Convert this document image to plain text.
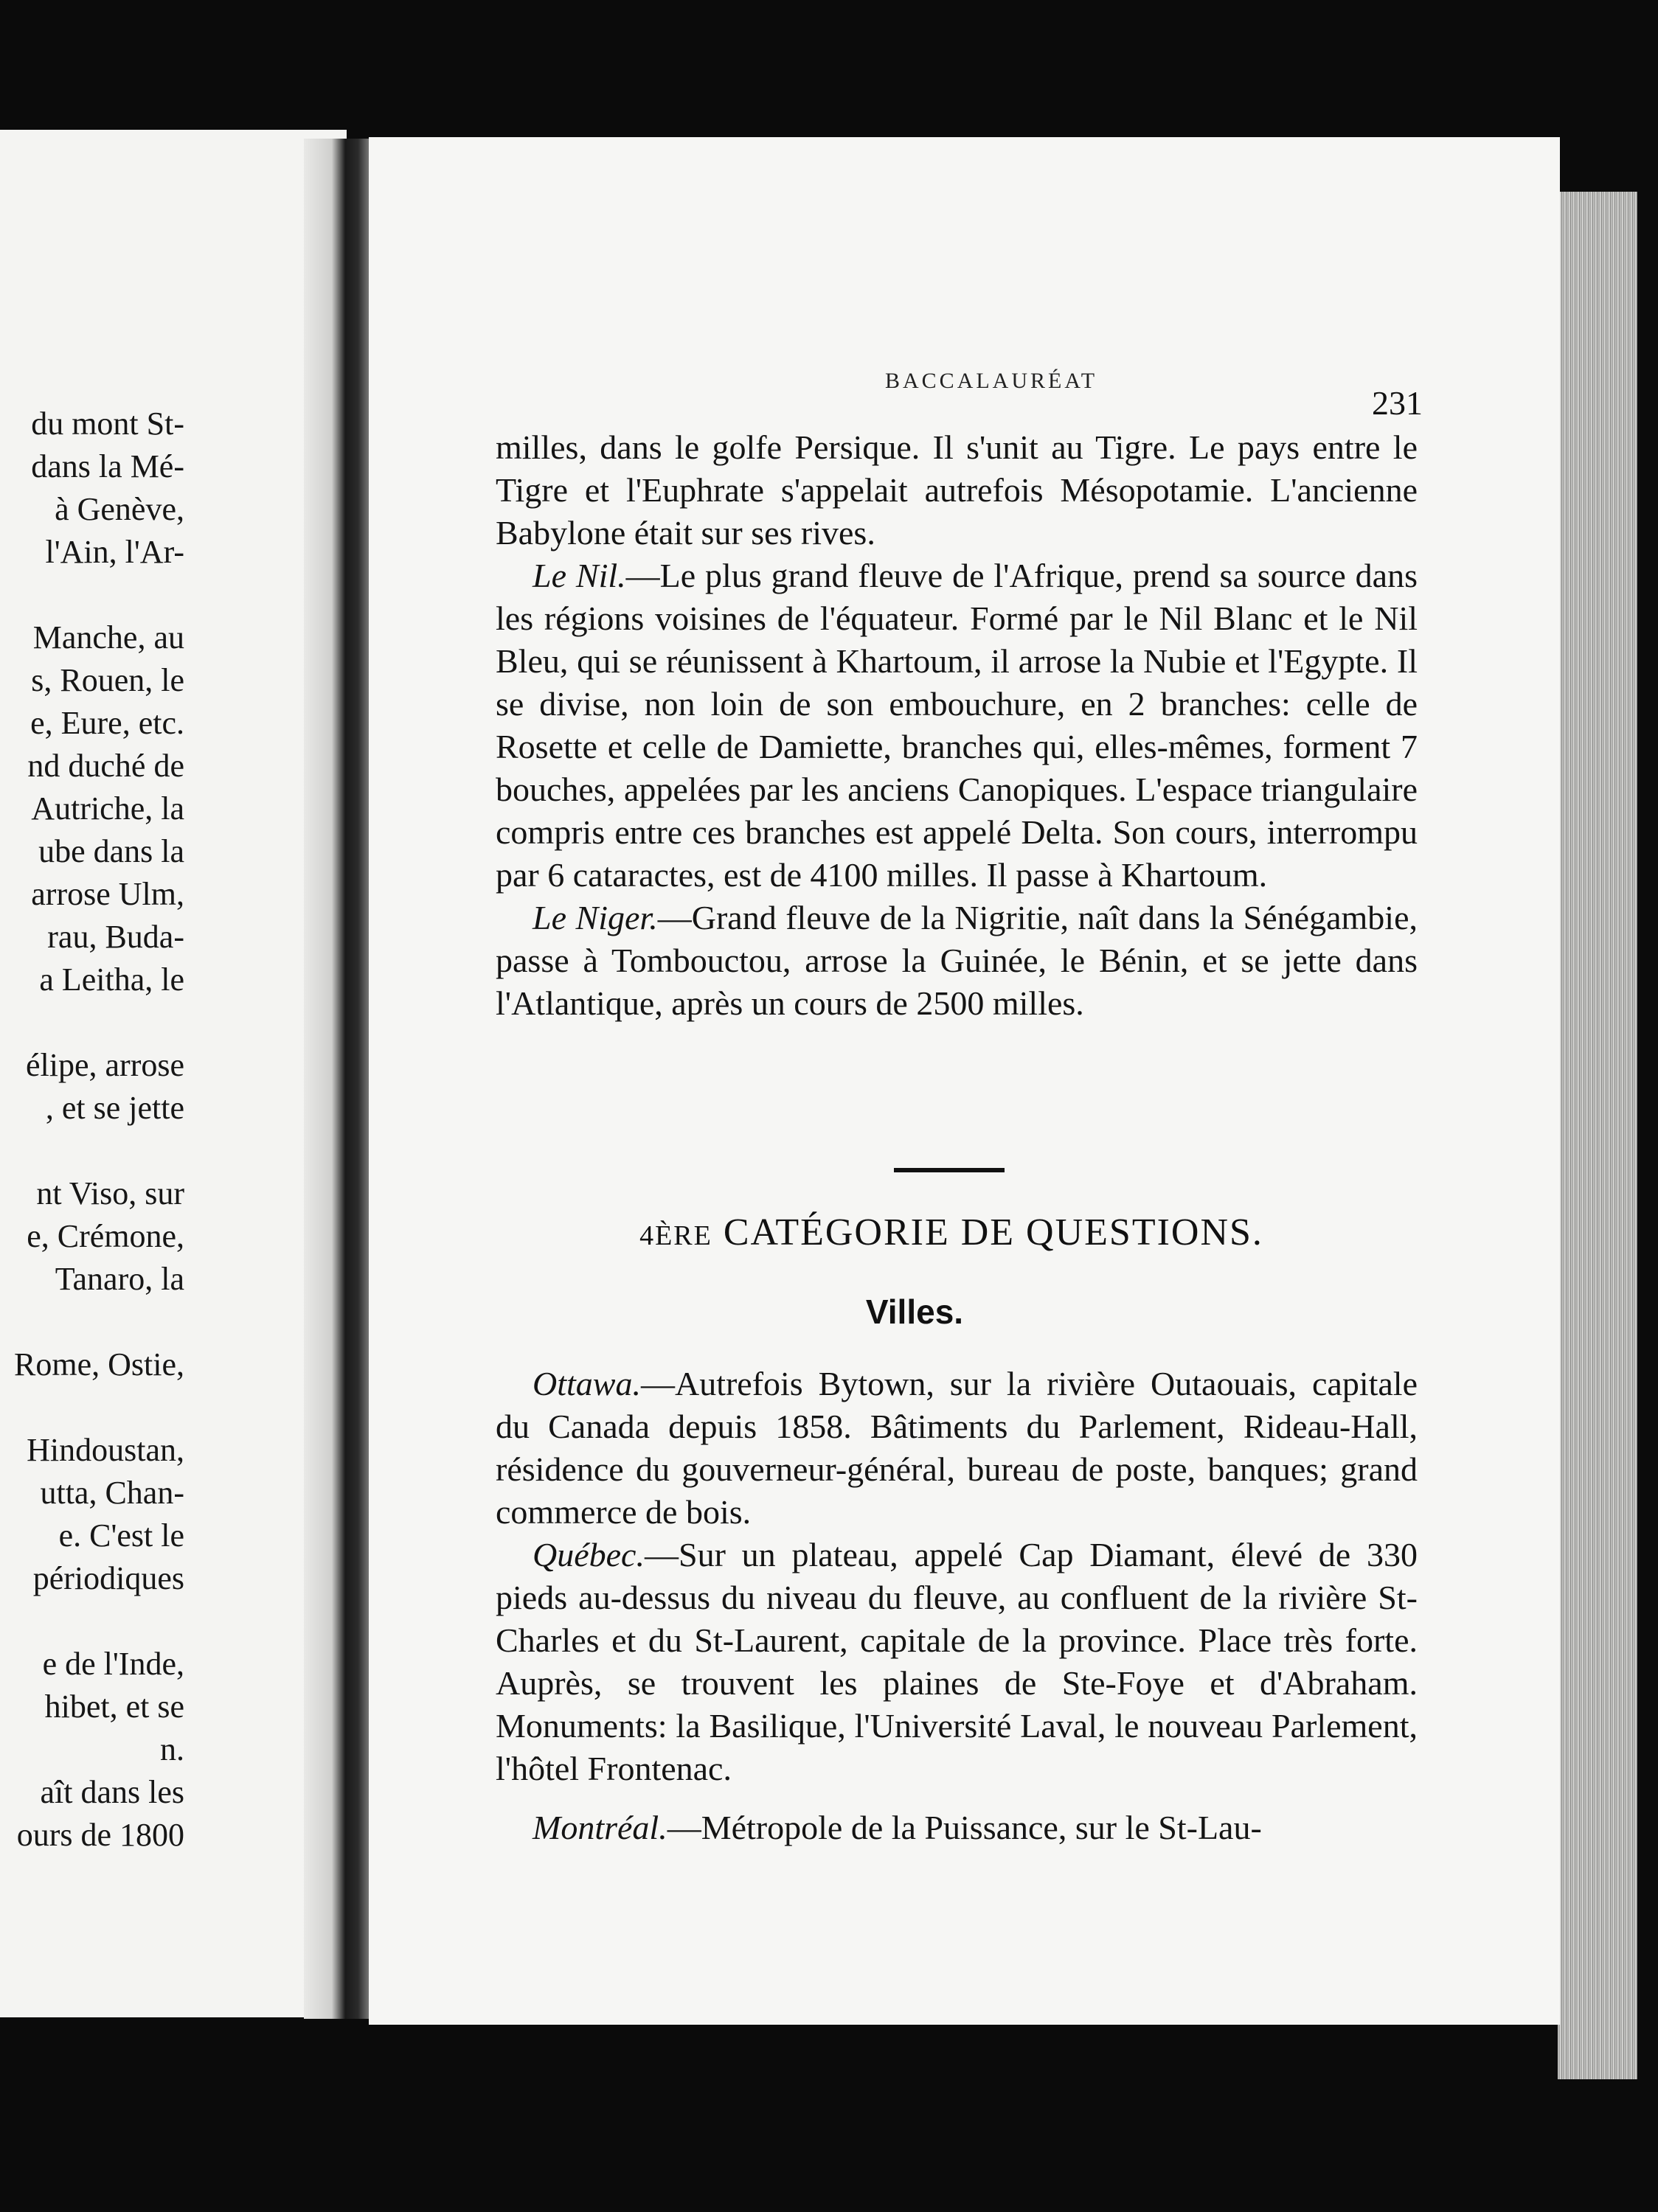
du mont St-

dans la Mé-

à Genève,

l'Ain, l'Ar-

Manche, au

s, Rouen, le

e, Eure, etc.

nd duché de

Autriche, la

ube dans la

arrose Ulm,

rau, Buda-

a Leitha, le

élipe, arrose

, et se jette

nt Viso, sur

e, Crémone,

Tanaro, la

Rome, Ostie,

Hindoustan,

utta, Chan-

e. C'est le

périodiques

e de l'Inde,

hibet, et se

n.

aît dans les

ours de 1800

BACCALAURÉAT

231

milles, dans le golfe Persique. Il s'unit au Tigre. Le pays entre le Tigre et l'Euphrate s'appelait autrefois Mésopotamie. L'ancienne Babylone était sur ses rives.

Le Nil.—Le plus grand fleuve de l'Afrique, prend sa source dans les régions voisines de l'équateur. Formé par le Nil Blanc et le Nil Bleu, qui se réunissent à Khartoum, il arrose la Nubie et l'Egypte. Il se divise, non loin de son embouchure, en 2 branches: celle de Rosette et celle de Damiette, branches qui, elles-mêmes, forment 7 bouches, appelées par les anciens Canopiques. L'espace triangulaire compris entre ces branches est appelé Delta. Son cours, interrompu par 6 cataractes, est de 4100 milles. Il passe à Khartoum.

Le Niger.—Grand fleuve de la Nigritie, naît dans la Sénégambie, passe à Tombouctou, arrose la Guinée, le Bénin, et se jette dans l'Atlantique, après un cours de 2500 milles.

4ÈRE CATÉGORIE DE QUESTIONS.

Villes.

Ottawa.—Autrefois Bytown, sur la rivière Outaouais, capitale du Canada depuis 1858. Bâtiments du Parlement, Rideau-Hall, résidence du gouverneur-général, bureau de poste, banques; grand commerce de bois.

Québec.—Sur un plateau, appelé Cap Diamant, élevé de 330 pieds au-dessus du niveau du fleuve, au confluent de la rivière St-Charles et du St-Laurent, capitale de la province. Place très forte. Auprès, se trouvent les plaines de Ste-Foye et d'Abraham. Monuments: la Basilique, l'Université Laval, le nouveau Parlement, l'hôtel Frontenac.

Montréal.—Métropole de la Puissance, sur le St-Lau-
